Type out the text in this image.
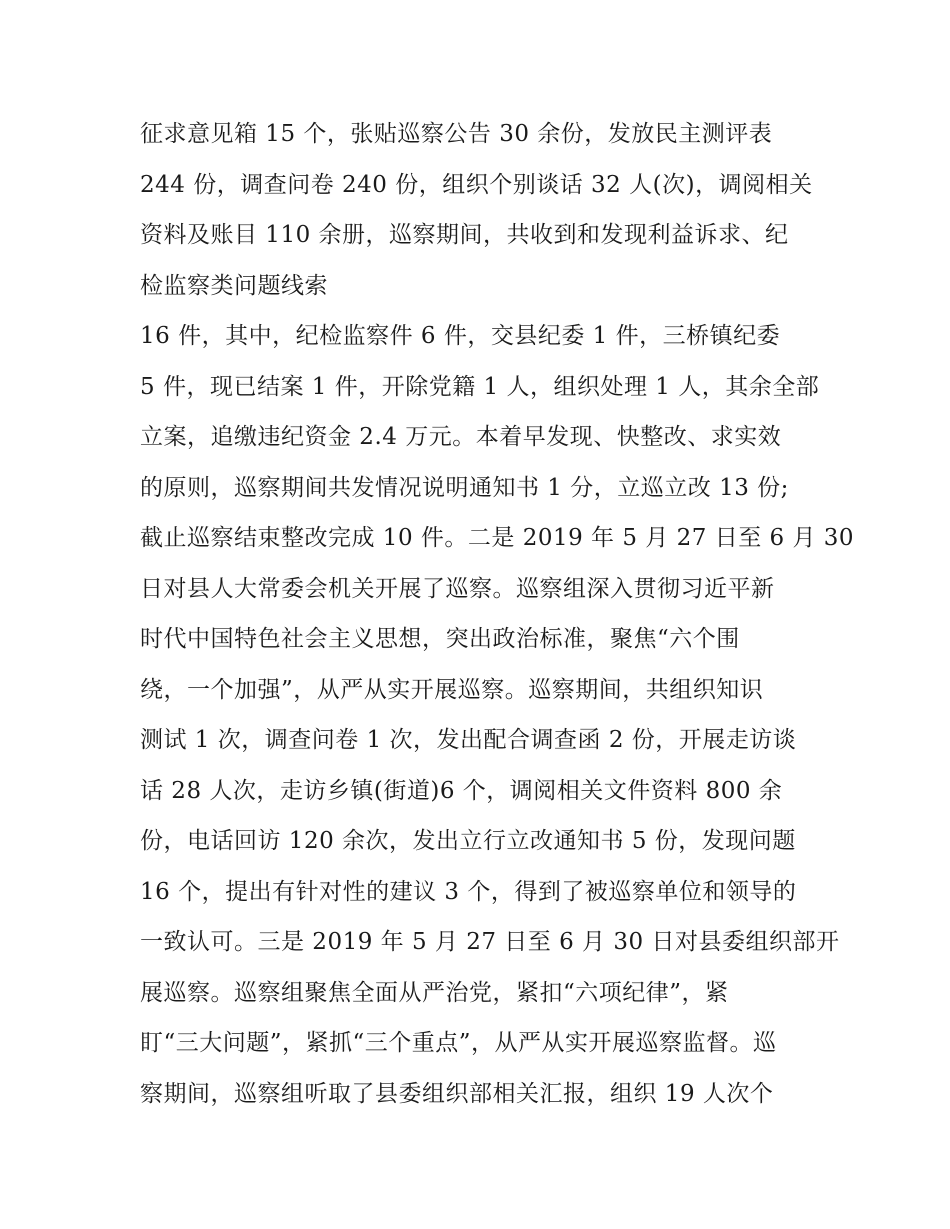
征求意见箱 15 个，张贴巡察公告 30 余份，发放民主测评表
244 份，调查问卷 240 份，组织个别谈话 32 人(次)，调阅相关
资料及账目 110 余册，巡察期间，共收到和发现利益诉求、纪
检监察类问题线索
16 件，其中，纪检监察件 6 件，交县纪委 1 件，三桥镇纪委
5 件，现已结案 1 件，开除党籍 1 人，组织处理 1 人，其余全部
立案，追缴违纪资金 2.4 万元。本着早发现、快整改、求实效
的原则，巡察期间共发情况说明通知书 1 分，立巡立改 13 份;
截止巡察结束整改完成 10 件。二是 2019 年 5 月 27 日至 6 月 30
日对县人大常委会机关开展了巡察。巡察组深入贯彻习近平新
时代中国特色社会主义思想，突出政治标准，聚焦“六个围
绕，一个加强”，从严从实开展巡察。巡察期间，共组织知识
测试 1 次，调查问卷 1 次，发出配合调查函 2 份，开展走访谈
话 28 人次，走访乡镇(街道)6 个，调阅相关文件资料 800 余
份，电话回访 120 余次，发出立行立改通知书 5 份，发现问题
16 个，提出有针对性的建议 3 个，得到了被巡察单位和领导的
一致认可。三是 2019 年 5 月 27 日至 6 月 30 日对县委组织部开
展巡察。巡察组聚焦全面从严治党，紧扣“六项纪律”，紧
盯“三大问题”，紧抓“三个重点”，从严从实开展巡察监督。巡
察期间，巡察组听取了县委组织部相关汇报，组织 19 人次个
